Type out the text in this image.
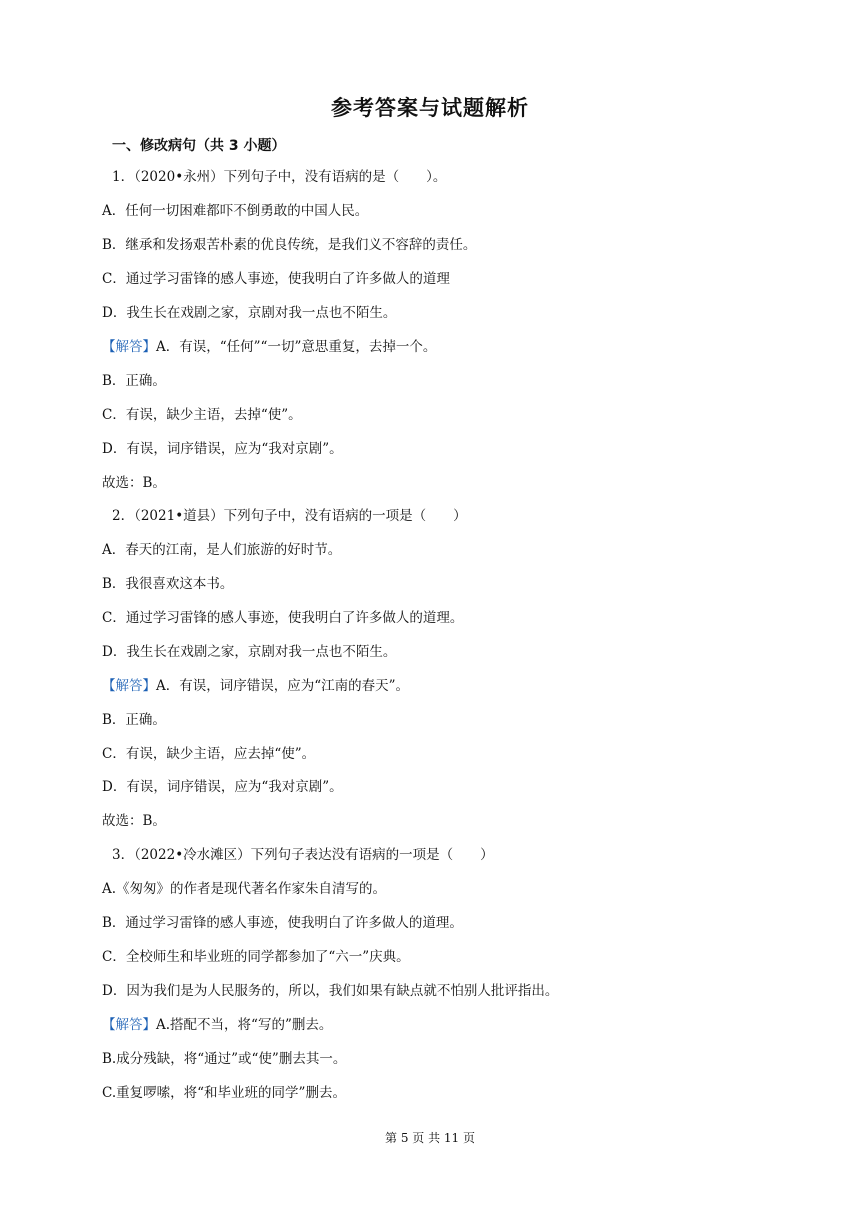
参考答案与试题解析
一、修改病句（共 3 小题）
1．（2020•永州）下列句子中，没有语病的是（　　）。
A．任何一切困难都吓不倒勇敢的中国人民。
B．继承和发扬艰苦朴素的优良传统，是我们义不容辞的责任。
C．通过学习雷锋的感人事迹，使我明白了许多做人的道理
D．我生长在戏剧之家，京剧对我一点也不陌生。
【解答】A．有误，“任何”“一切”意思重复，去掉一个。
B．正确。
C．有误，缺少主语，去掉“使”。
D．有误，词序错误，应为“我对京剧”。
故选：B。
2．（2021•道县）下列句子中，没有语病的一项是（　　）
A．春天的江南，是人们旅游的好时节。
B．我很喜欢这本书。
C．通过学习雷锋的感人事迹，使我明白了许多做人的道理。
D．我生长在戏剧之家，京剧对我一点也不陌生。
【解答】A．有误，词序错误，应为“江南的春天”。
B．正确。
C．有误，缺少主语，应去掉“使”。
D．有误，词序错误，应为“我对京剧”。
故选：B。
3．（2022•冷水滩区）下列句子表达没有语病的一项是（　　）
A.《匆匆》的作者是现代著名作家朱自清写的。
B．通过学习雷锋的感人事迹，使我明白了许多做人的道理。
C．全校师生和毕业班的同学都参加了“六一”庆典。
D．因为我们是为人民服务的，所以，我们如果有缺点就不怕别人批评指出。
【解答】A.搭配不当，将“写的”删去。
B.成分残缺，将“通过”或“使”删去其一。
C.重复啰嗦，将“和毕业班的同学”删去。
第 5 页 共 11 页
